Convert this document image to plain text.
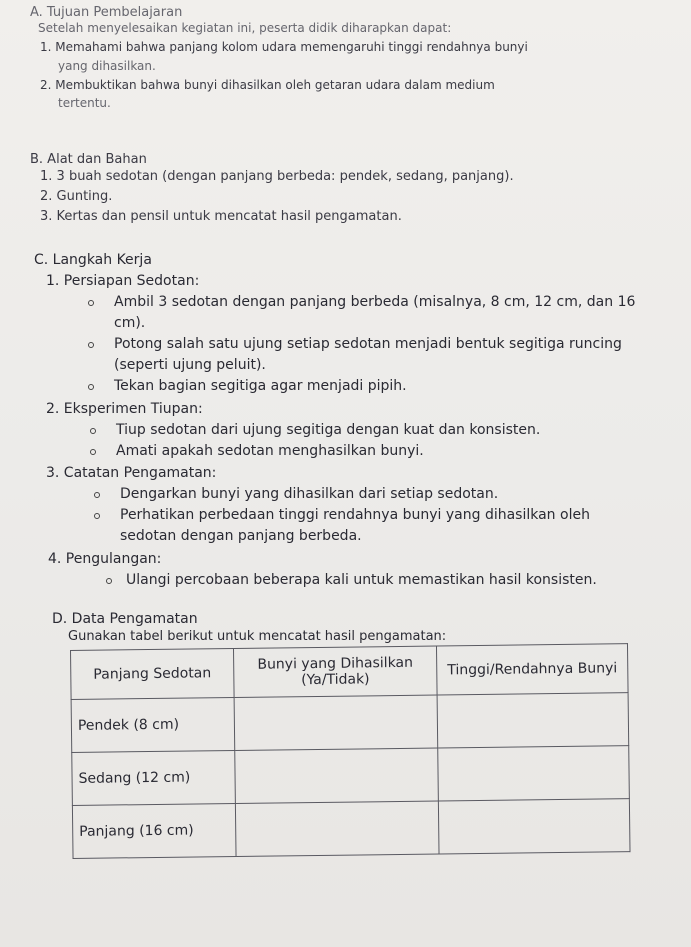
A. Tujuan Pembelajaran
Setelah menyelesaikan kegiatan ini, peserta didik diharapkan dapat:
1. Memahami bahwa panjang kolom udara memengaruhi tinggi rendahnya bunyi
yang dihasilkan.
2. Membuktikan bahwa bunyi dihasilkan oleh getaran udara dalam medium
tertentu.
B. Alat dan Bahan
1. 3 buah sedotan (dengan panjang berbeda: pendek, sedang, panjang).
2. Gunting.
3. Kertas dan pensil untuk mencatat hasil pengamatan.
C. Langkah Kerja
1. Persiapan Sedotan:
Ambil 3 sedotan dengan panjang berbeda (misalnya, 8 cm, 12 cm, dan 16
cm).
Potong salah satu ujung setiap sedotan menjadi bentuk segitiga runcing
(seperti ujung peluit).
Tekan bagian segitiga agar menjadi pipih.
2. Eksperimen Tiupan:
Tiup sedotan dari ujung segitiga dengan kuat dan konsisten.
Amati apakah sedotan menghasilkan bunyi.
3. Catatan Pengamatan:
Dengarkan bunyi yang dihasilkan dari setiap sedotan.
Perhatikan perbedaan tinggi rendahnya bunyi yang dihasilkan oleh
sedotan dengan panjang berbeda.
4. Pengulangan:
Ulangi percobaan beberapa kali untuk memastikan hasil konsisten.
D. Data Pengamatan
Gunakan tabel berikut untuk mencatat hasil pengamatan:
Panjang Sedotan	Bunyi yang Dihasilkan (Ya/Tidak)	Tinggi/Rendahnya Bunyi
Pendek (8 cm)		
Sedang (12 cm)		
Panjang (16 cm)		
